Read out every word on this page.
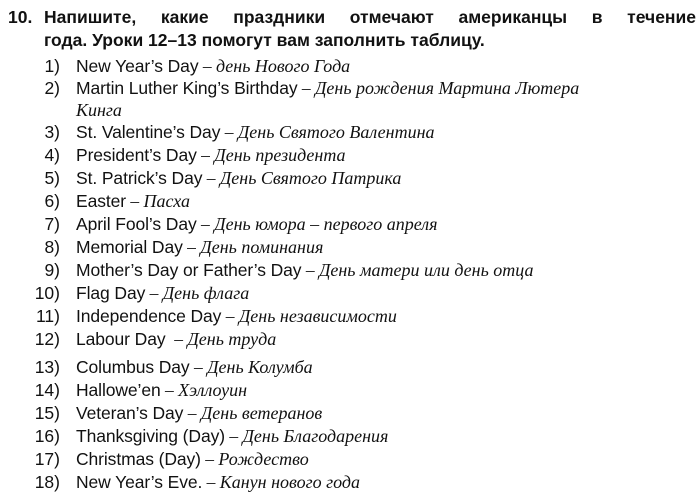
10. Напишите, какие праздники отмечают американцы в течение
года. Уроки 12–13 помогут вам заполнить таблицу.
1) New Year’s Day – день Нового Года
2) Martin Luther King’s Birthday – День рождения Мартина Лютера
Кинга
3) St. Valentine’s Day – День Святого Валентина
4) President’s Day – День президента
5) St. Patrick’s Day – День Святого Патрика
6) Easter – Пасха
7) April Fool’s Day – День юмора – первого апреля
8) Memorial Day – День поминания
9) Mother’s Day or Father’s Day – День матери или день отца
10) Flag Day – День флага
11) Independence Day – День независимости
12) Labour Day  – День труда
13) Columbus Day – День Колумба
14) Hallowe’en – Хэллоуин
15) Veteran’s Day – День ветеранов
16) Thanksgiving (Day) – День Благодарения
17) Christmas (Day) – Рождество
18) New Year’s Eve. – Канун нового года
